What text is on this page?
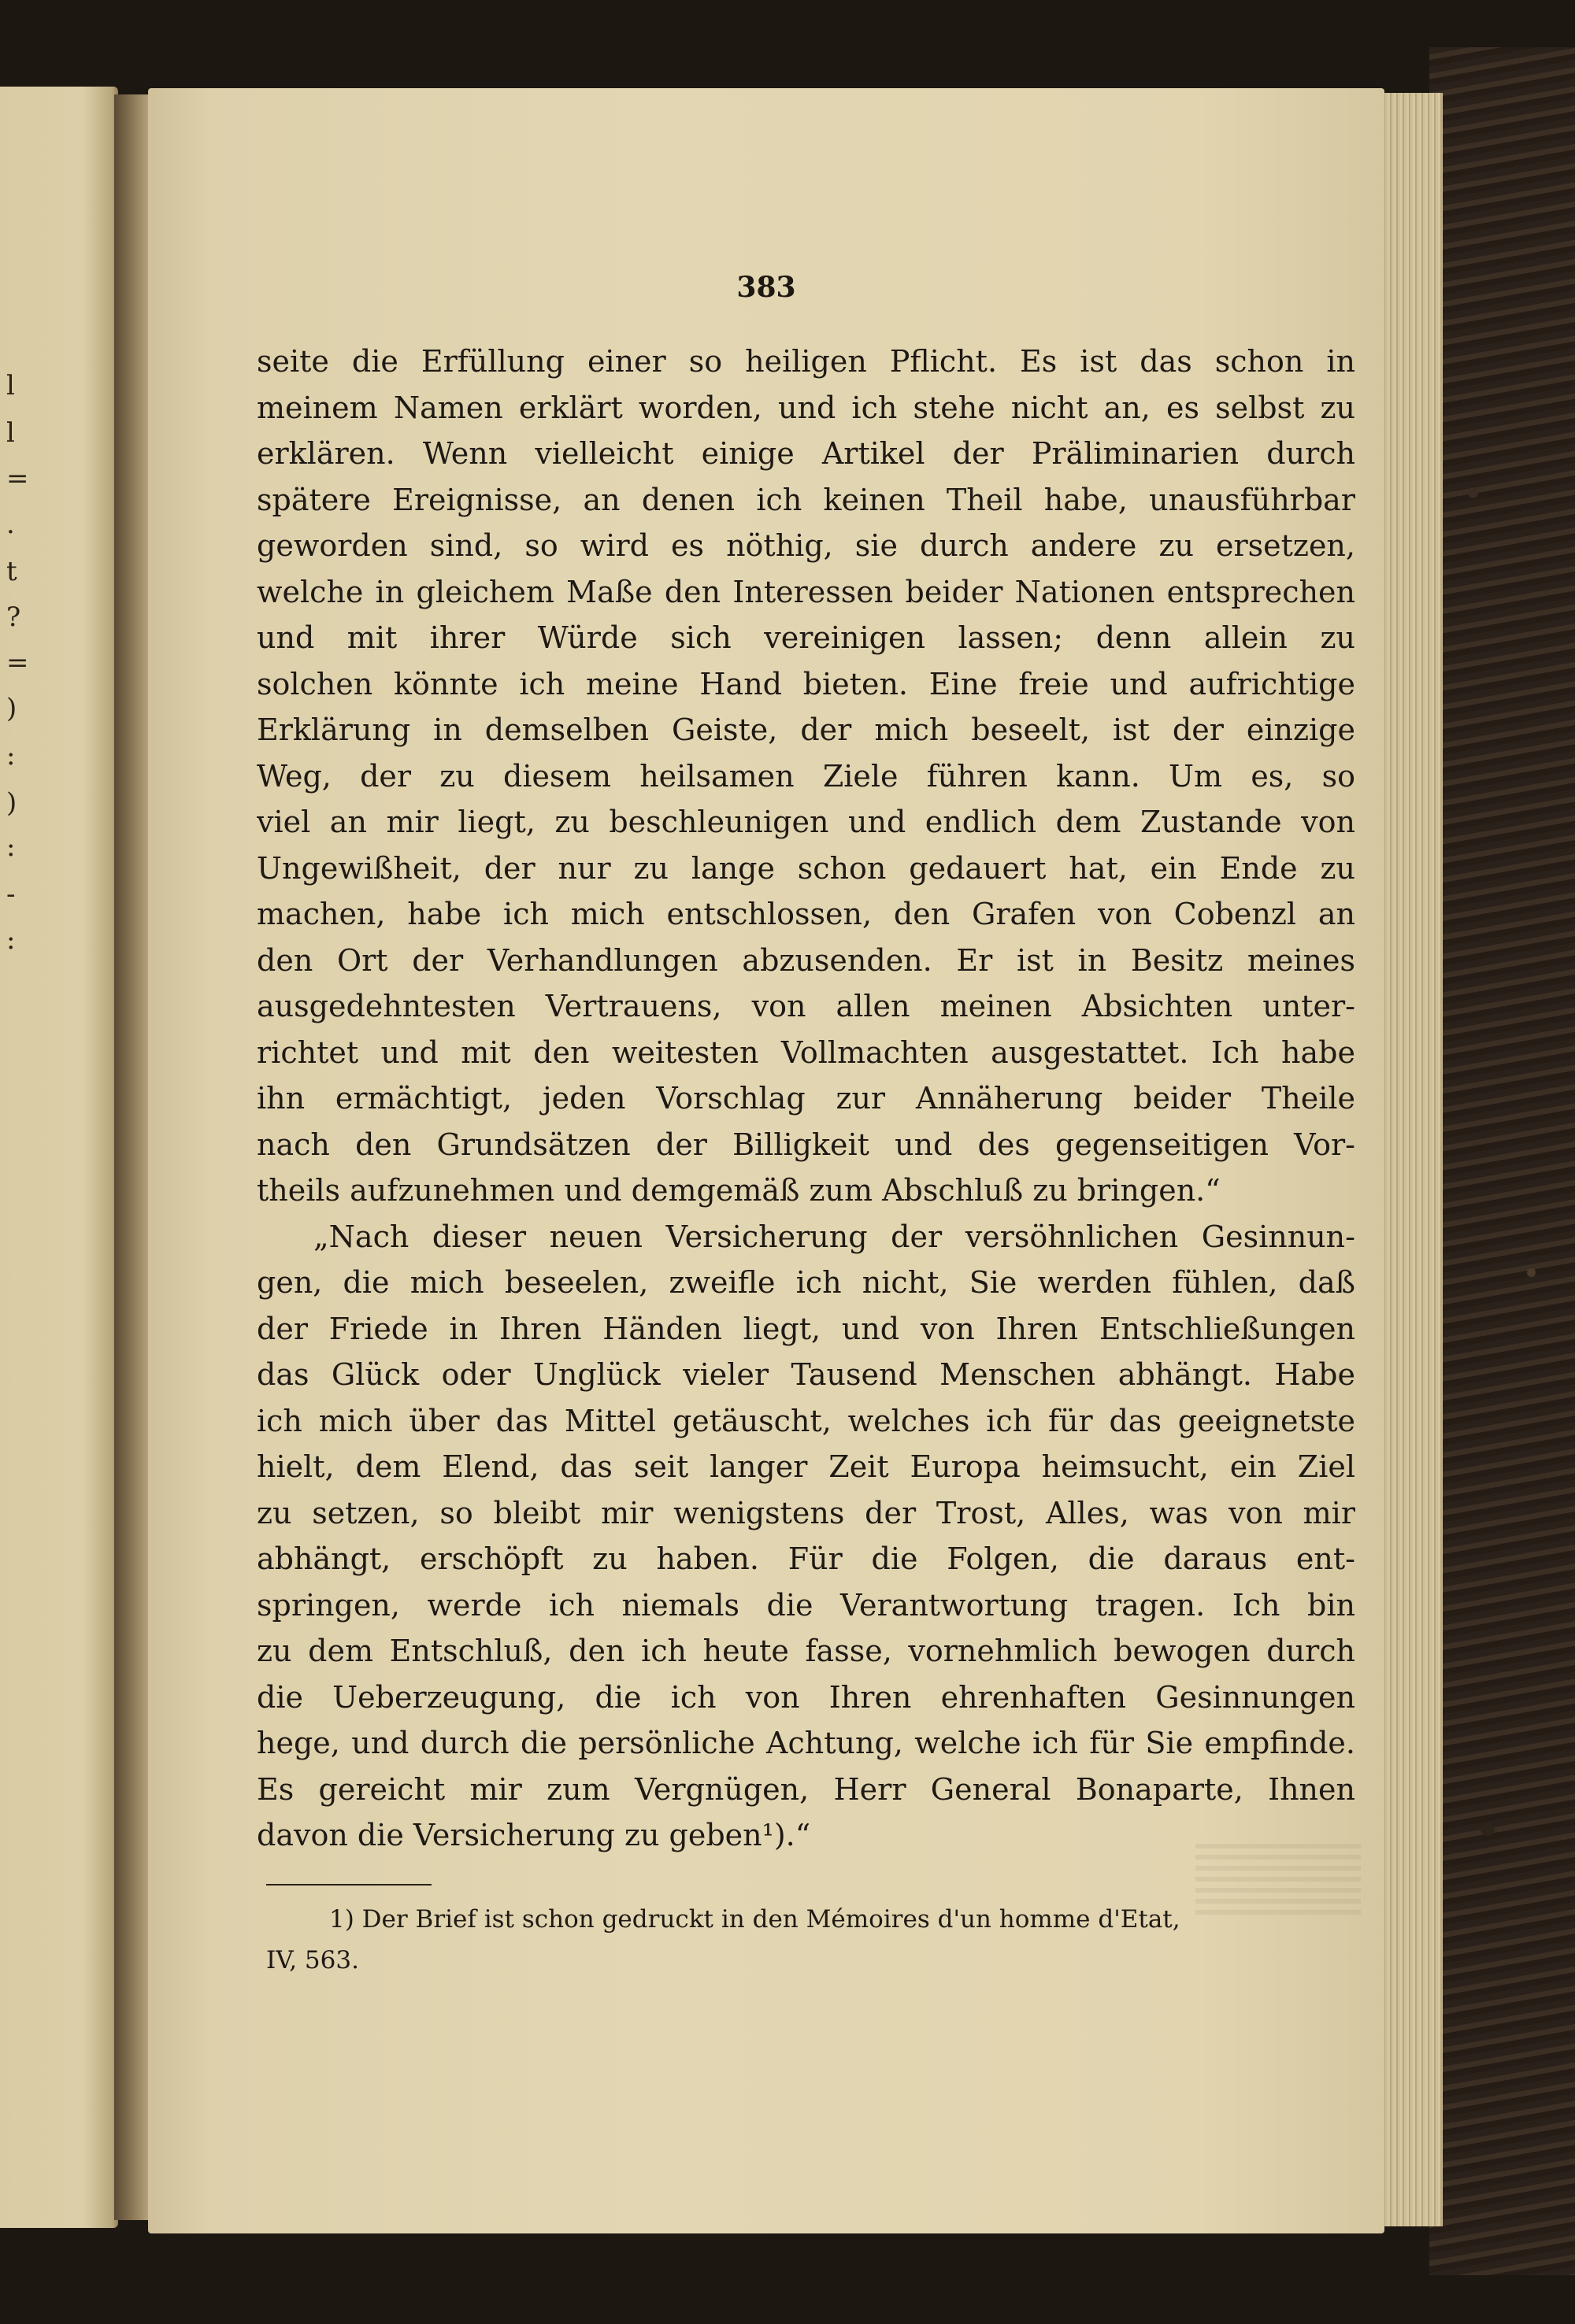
l
l
=
.
t
?
=
)
:
)
:
-
:
383
seite die Erfüllung einer so heiligen Pflicht. Es ist das schon in
meinem Namen erklärt worden, und ich stehe nicht an, es selbst zu
erklären. Wenn vielleicht einige Artikel der Präliminarien durch
spätere Ereignisse, an denen ich keinen Theil habe, unausführbar
geworden sind, so wird es nöthig, sie durch andere zu ersetzen,
welche in gleichem Maße den Interessen beider Nationen entsprechen
und mit ihrer Würde sich vereinigen lassen; denn allein zu
solchen könnte ich meine Hand bieten. Eine freie und aufrichtige
Erklärung in demselben Geiste, der mich beseelt, ist der einzige
Weg, der zu diesem heilsamen Ziele führen kann. Um es, so
viel an mir liegt, zu beschleunigen und endlich dem Zustande von
Ungewißheit, der nur zu lange schon gedauert hat, ein Ende zu
machen, habe ich mich entschlossen, den Grafen von Cobenzl an
den Ort der Verhandlungen abzusenden. Er ist in Besitz meines
ausgedehntesten Vertrauens, von allen meinen Absichten unter-
richtet und mit den weitesten Vollmachten ausgestattet. Ich habe
ihn ermächtigt, jeden Vorschlag zur Annäherung beider Theile
nach den Grundsätzen der Billigkeit und des gegenseitigen Vor-
theils aufzunehmen und demgemäß zum Abschluß zu bringen.“
„Nach dieser neuen Versicherung der versöhnlichen Gesinnun-
gen, die mich beseelen, zweifle ich nicht, Sie werden fühlen, daß
der Friede in Ihren Händen liegt, und von Ihren Entschließungen
das Glück oder Unglück vieler Tausend Menschen abhängt. Habe
ich mich über das Mittel getäuscht, welches ich für das geeignetste
hielt, dem Elend, das seit langer Zeit Europa heimsucht, ein Ziel
zu setzen, so bleibt mir wenigstens der Trost, Alles, was von mir
abhängt, erschöpft zu haben. Für die Folgen, die daraus ent-
springen, werde ich niemals die Verantwortung tragen. Ich bin
zu dem Entschluß, den ich heute fasse, vornehmlich bewogen durch
die Ueberzeugung, die ich von Ihren ehrenhaften Gesinnungen
hege, und durch die persönliche Achtung, welche ich für Sie empfinde.
Es gereicht mir zum Vergnügen, Herr General Bonaparte, Ihnen
davon die Versicherung zu geben¹).“
1) Der Brief ist schon gedruckt in den Mémoires d'un homme d'Etat,
IV, 563.
